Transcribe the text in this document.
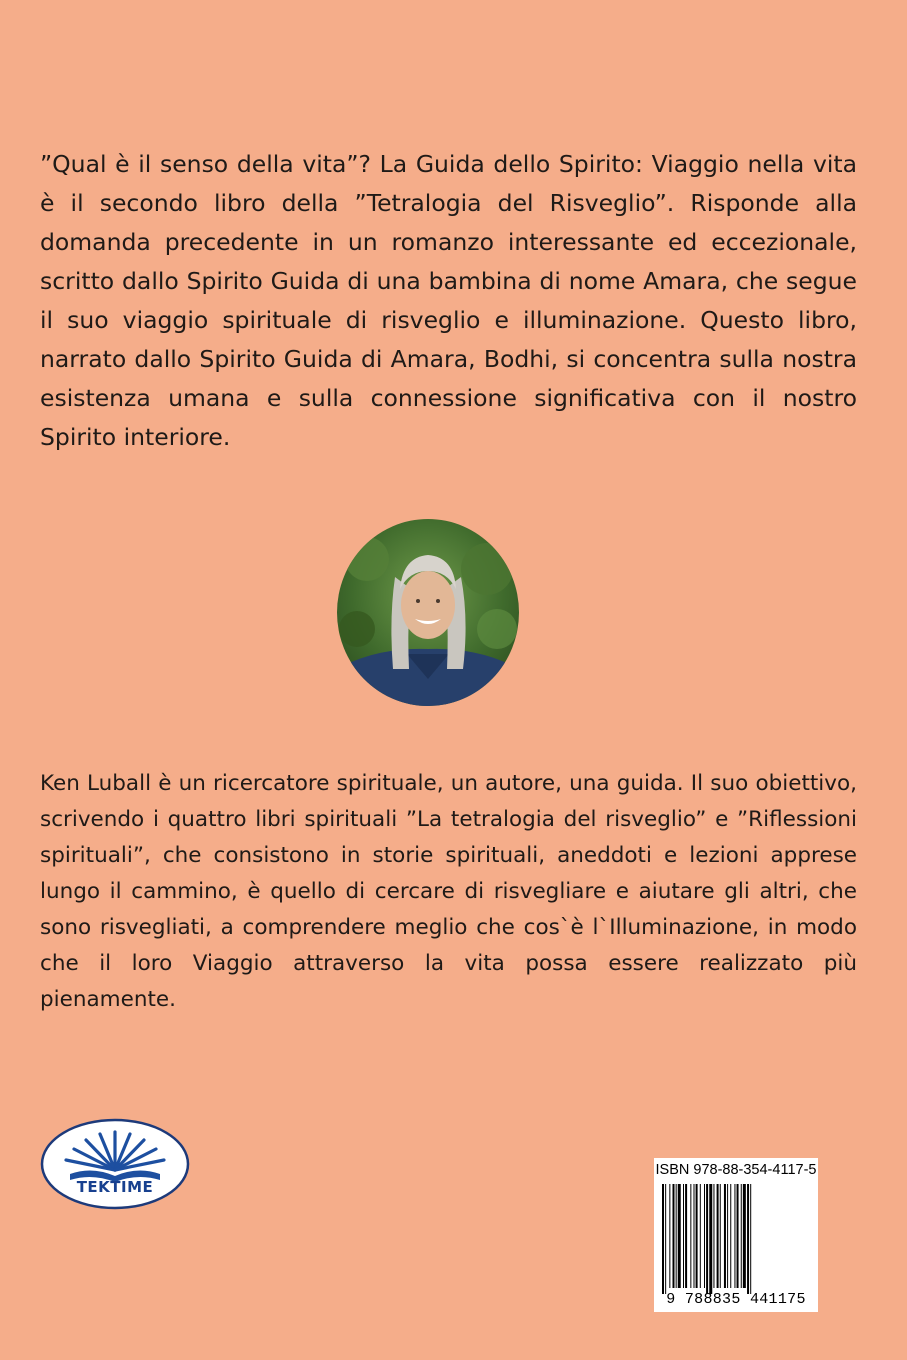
”Qual è il senso della vita”? La Guida dello Spirito: Viaggio nella vita è il secondo libro della ”Tetralogia del Risveglio”. Risponde alla domanda precedente in un romanzo interessante ed eccezionale, scritto dallo Spirito Guida di una bambina di nome Amara, che segue il suo viaggio spirituale di risveglio e illuminazione. Questo libro, narrato dallo Spirito Guida di Amara, Bodhi, si concentra sulla nostra esistenza umana e sulla connessione significativa con il nostro Spirito interiore.

Ken Luball è un ricercatore spirituale, un autore, una guida. Il suo obiettivo, scrivendo i quattro libri spirituali ”La tetralogia del risveglio” e ”Riflessioni spirituali”, che consistono in storie spirituali, aneddoti e lezioni apprese lungo il cammino, è quello di cercare di risvegliare e aiutare gli altri, che sono risvegliati, a comprendere meglio che cos`è l`Illuminazione, in modo che il loro Viaggio attraverso la vita possa essere realizzato più pienamente.

TEKTIME
ISBN 978-88-354-4117-5
9 788835 441175
